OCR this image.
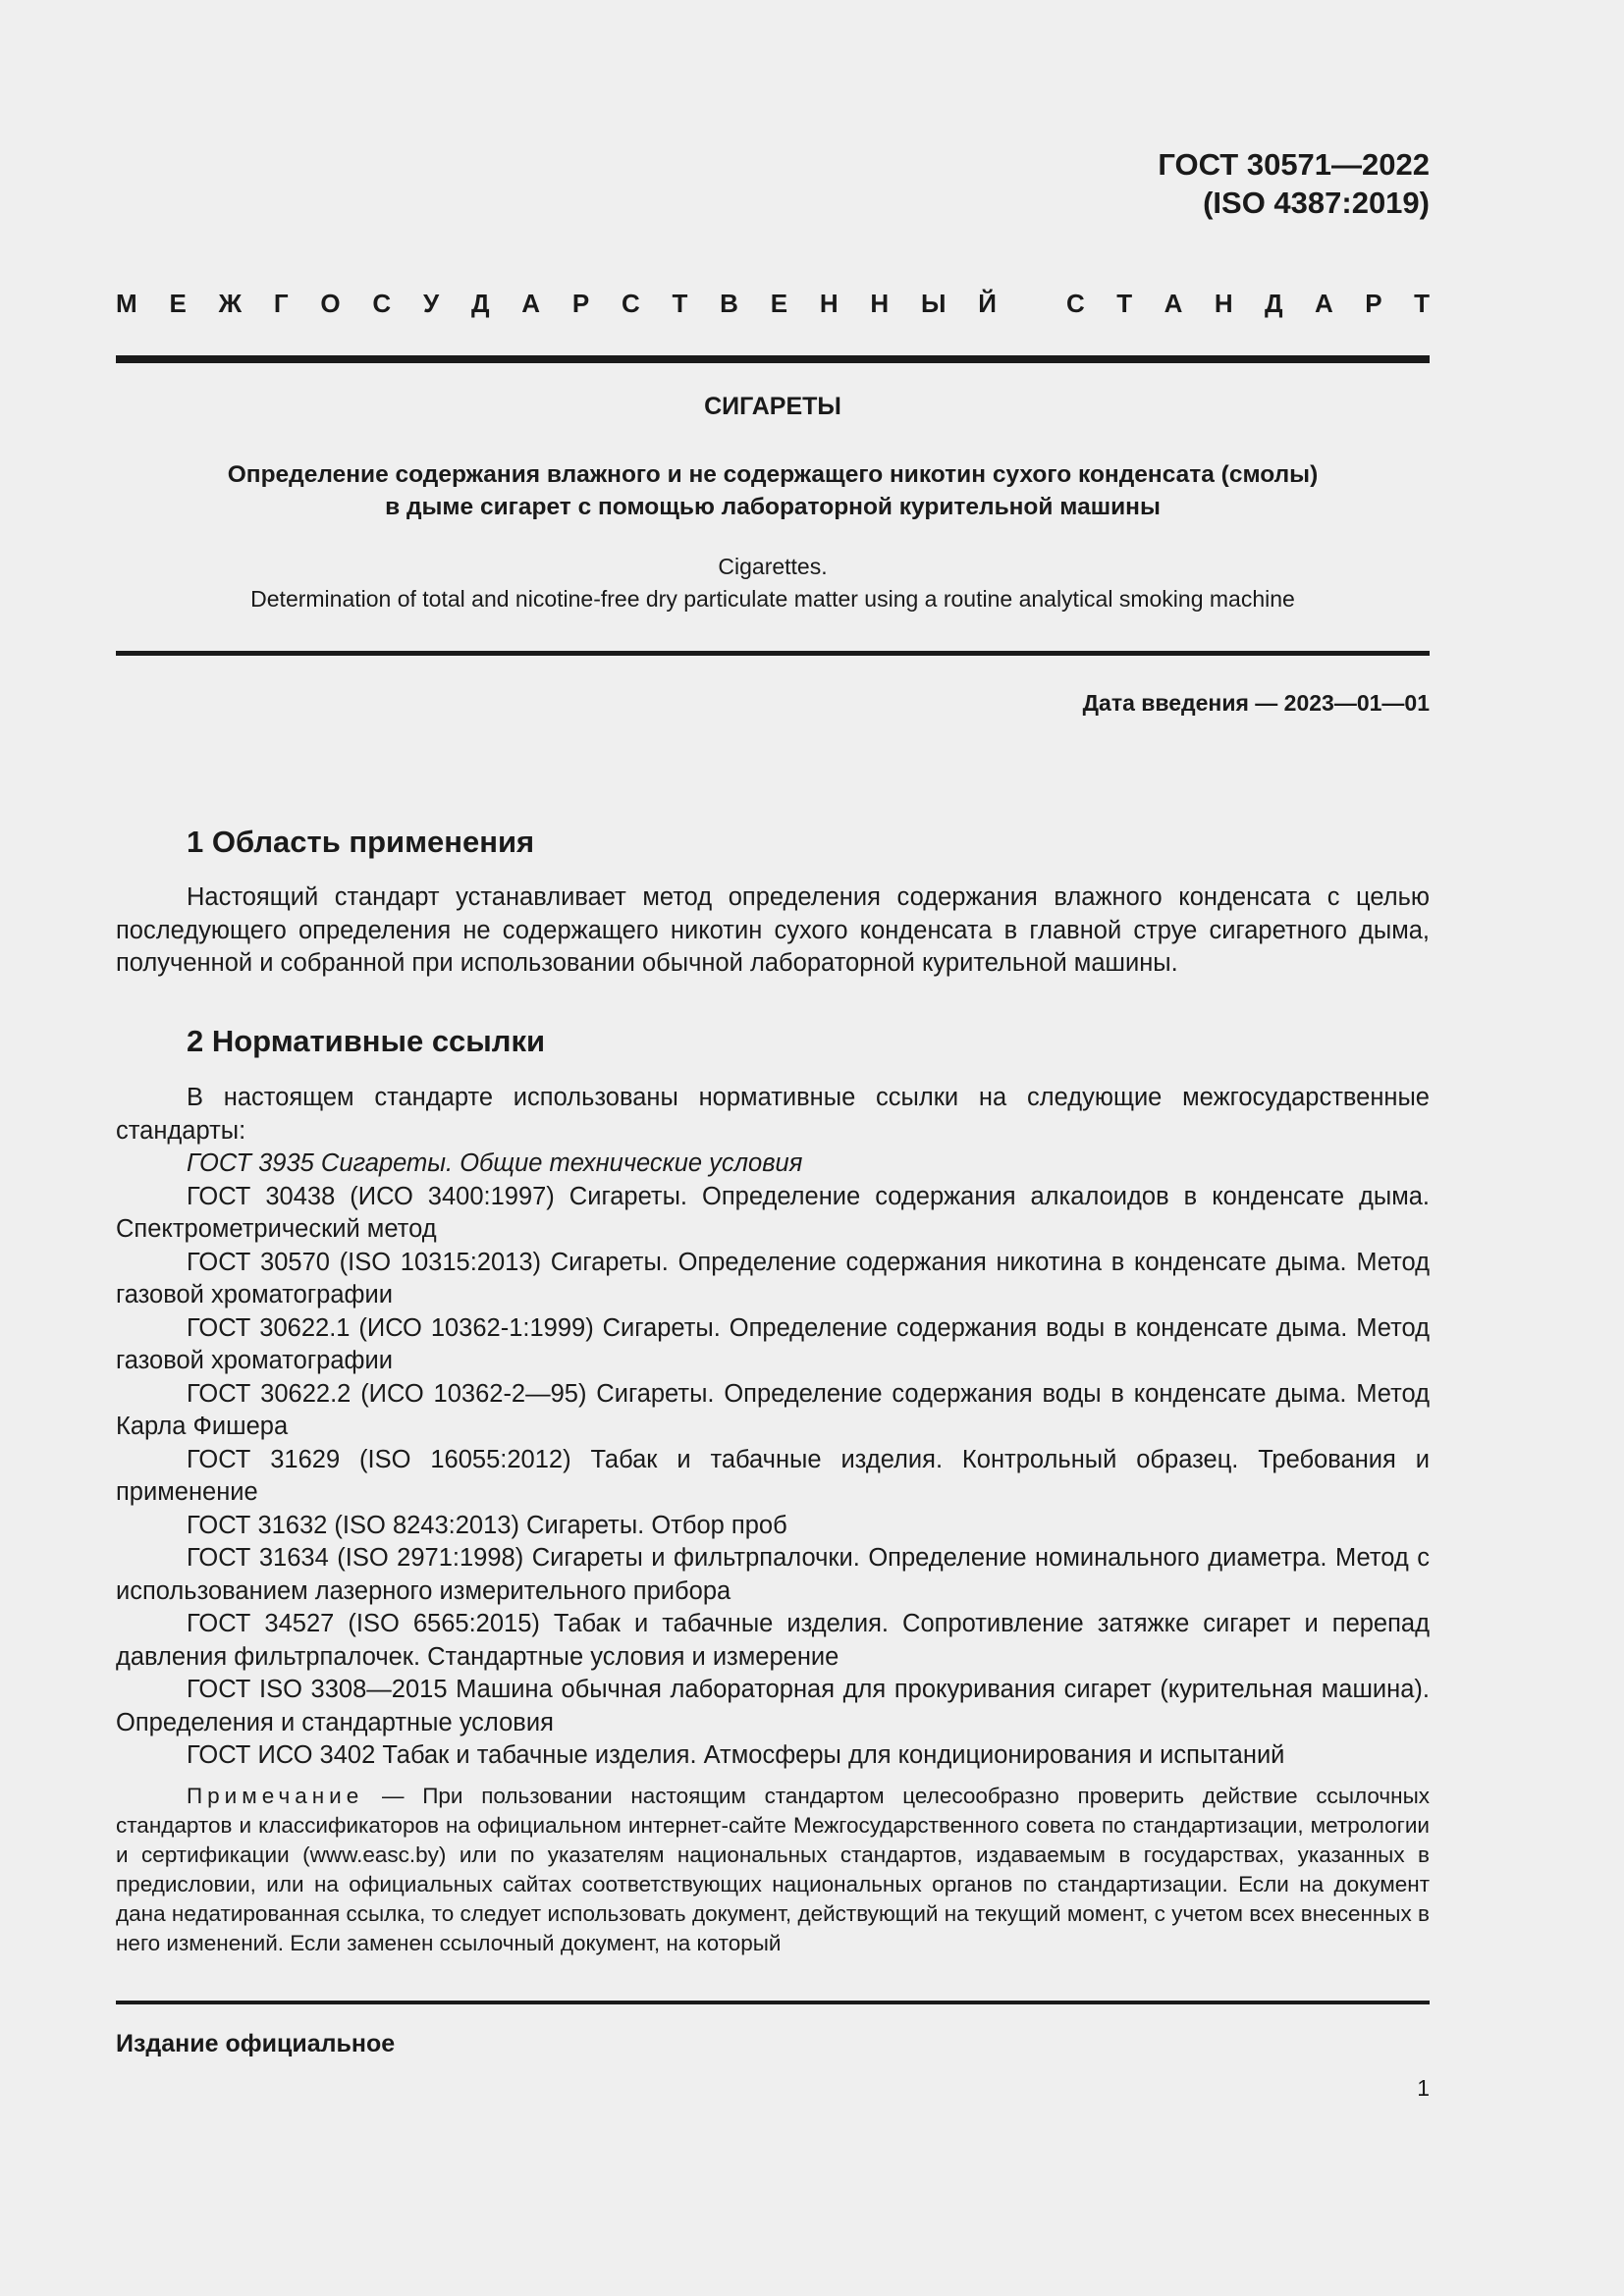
ГОСТ 30571—2022
(ISO 4387:2019)
М Е Ж Г О С У Д А Р С Т В Е Н Н Ы Й	С Т А Н Д А Р Т
СИГАРЕТЫ
Определение содержания влажного и не содержащего никотин сухого конденсата (смолы)
в дыме сигарет с помощью лабораторной курительной машины
Cigarettes.
Determination of total and nicotine-free dry particulate matter using a routine analytical smoking machine
Дата введения — 2023—01—01
1 Область применения

Настоящий стандарт устанавливает метод определения содержания влажного конденсата с целью последующего определения не содержащего никотин сухого конденсата в главной струе сигаретного дыма, полученной и собранной при использовании обычной лабораторной курительной машины.

2 Нормативные ссылки

В настоящем стандарте использованы нормативные ссылки на следующие межгосударственные стандарты:

ГОСТ 3935 Сигареты. Общие технические условия

ГОСТ 30438 (ИСО 3400:1997) Сигареты. Определение содержания алкалоидов в конденсате дыма. Спектрометрический метод

ГОСТ 30570 (ISO 10315:2013) Сигареты. Определение содержания никотина в конденсате дыма. Метод газовой хроматографии

ГОСТ 30622.1 (ИСО 10362-1:1999) Сигареты. Определение содержания воды в конденсате дыма. Метод газовой хроматографии

ГОСТ 30622.2 (ИСО 10362-2—95) Сигареты. Определение содержания воды в конденсате дыма. Метод Карла Фишера

ГОСТ 31629 (ISO 16055:2012) Табак и табачные изделия. Контрольный образец. Требования и применение

ГОСТ 31632 (ISO 8243:2013) Сигареты. Отбор проб

ГОСТ 31634 (ISO 2971:1998) Сигареты и фильтрпалочки. Определение номинального диаметра. Метод с использованием лазерного измерительного прибора

ГОСТ 34527 (ISO 6565:2015) Табак и табачные изделия. Сопротивление затяжке сигарет и перепад давления фильтрпалочек. Стандартные условия и измерение

ГОСТ ISO 3308—2015 Машина обычная лабораторная для прокуривания сигарет (курительная машина). Определения и стандартные условия

ГОСТ ИСО 3402 Табак и табачные изделия. Атмосферы для кондиционирования и испытаний

Примечание — При пользовании настоящим стандартом целесообразно проверить действие ссылочных стандартов и классификаторов на официальном интернет-сайте Межгосударственного совета по стандартизации, метрологии и сертификации (www.easc.by) или по указателям национальных стандартов, издаваемым в государствах, указанных в предисловии, или на официальных сайтах соответствующих национальных органов по стандартизации. Если на документ дана недатированная ссылка, то следует использовать документ, действующий на текущий момент, с учетом всех внесенных в него изменений. Если заменен ссылочный документ, на который

Издание официальное
1
